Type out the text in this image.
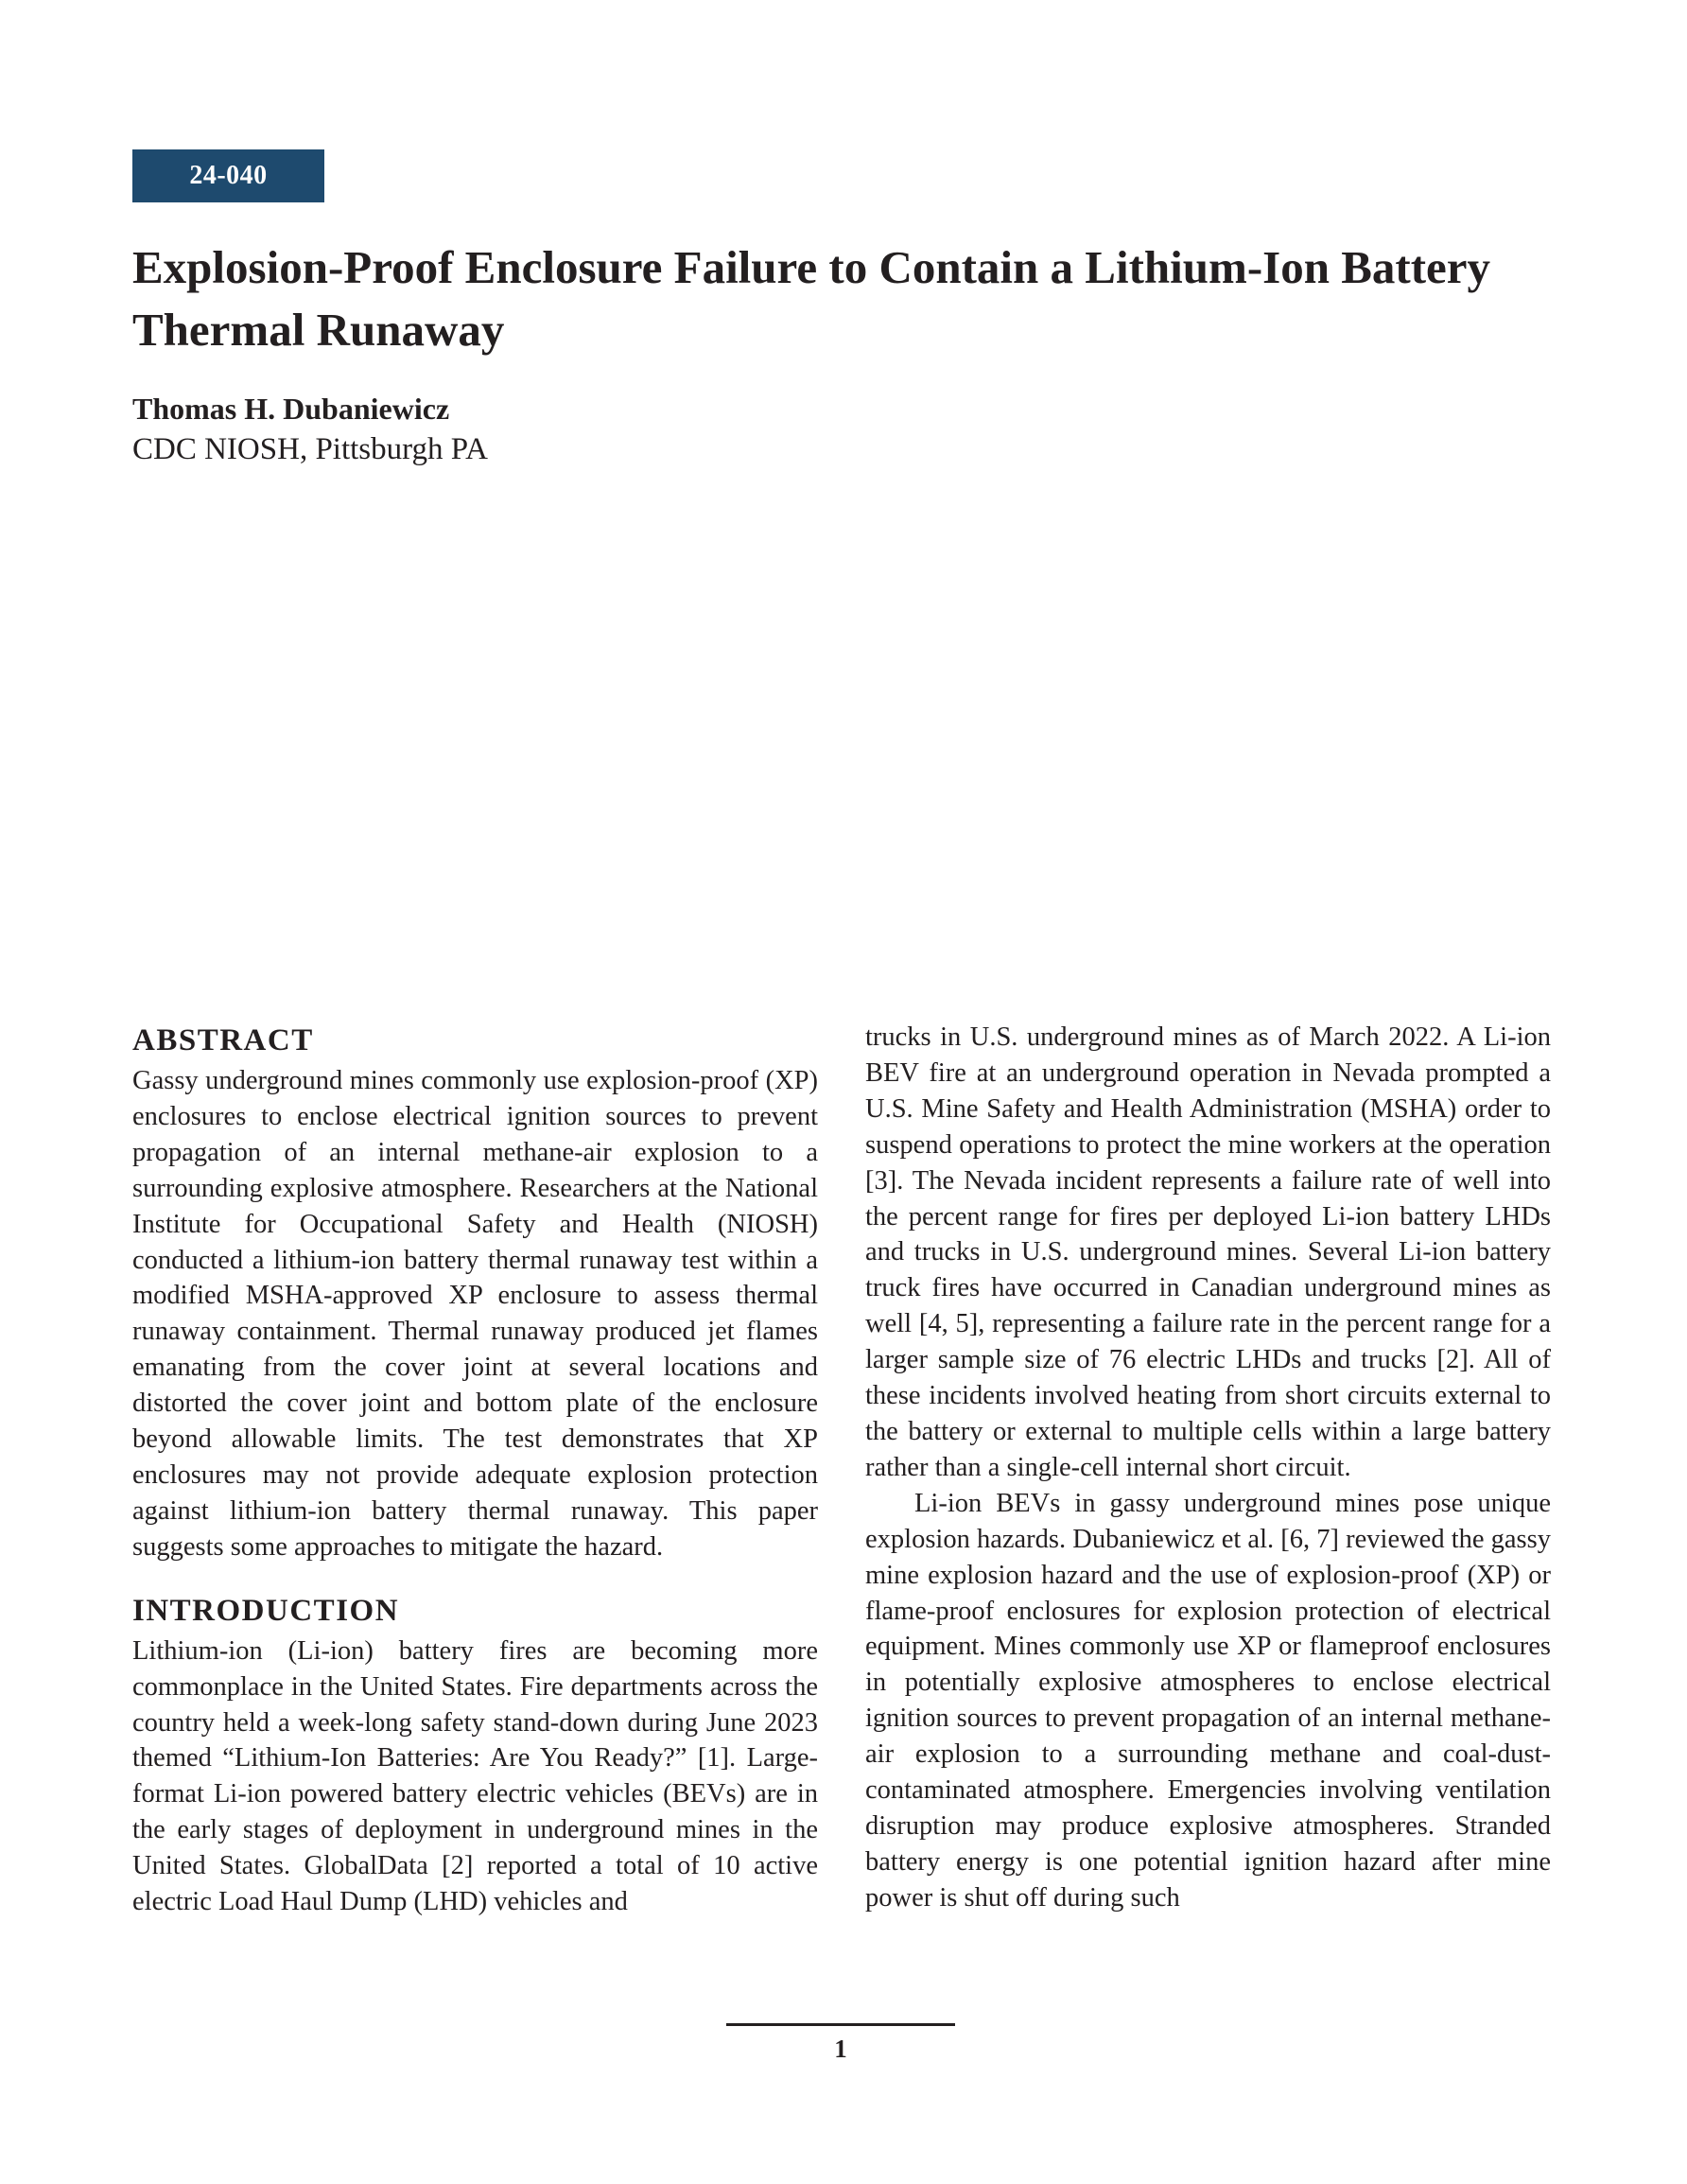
24-040
Explosion-Proof Enclosure Failure to Contain a Lithium-Ion Battery Thermal Runaway
Thomas H. Dubaniewicz
CDC NIOSH, Pittsburgh PA
ABSTRACT

Gassy underground mines commonly use explosion-proof (XP) enclosures to enclose electrical ignition sources to prevent propagation of an internal methane-air explosion to a surrounding explosive atmosphere. Researchers at the National Institute for Occupational Safety and Health (NIOSH) conducted a lithium-ion battery thermal runaway test within a modified MSHA-approved XP enclosure to assess thermal runaway containment. Thermal runaway produced jet flames emanating from the cover joint at several locations and distorted the cover joint and bottom plate of the enclosure beyond allowable limits. The test demonstrates that XP enclosures may not provide adequate explosion protection against lithium-ion battery thermal runaway. This paper suggests some approaches to mitigate the hazard.

INTRODUCTION

Lithium-ion (Li-ion) battery fires are becoming more commonplace in the United States. Fire departments across the country held a week-long safety stand-down during June 2023 themed “Lithium-Ion Batteries: Are You Ready?” [1]. Large-format Li-ion powered battery electric vehicles (BEVs) are in the early stages of deployment in underground mines in the United States. GlobalData [2] reported a total of 10 active electric Load Haul Dump (LHD) vehicles and

trucks in U.S. underground mines as of March 2022. A Li-ion BEV fire at an underground operation in Nevada prompted a U.S. Mine Safety and Health Administration (MSHA) order to suspend operations to protect the mine workers at the operation [3]. The Nevada incident represents a failure rate of well into the percent range for fires per deployed Li-ion battery LHDs and trucks in U.S. underground mines. Several Li-ion battery truck fires have occurred in Canadian underground mines as well [4, 5], representing a failure rate in the percent range for a larger sample size of 76 electric LHDs and trucks [2]. All of these incidents involved heating from short circuits external to the battery or external to multiple cells within a large battery rather than a single-cell internal short circuit.

Li-ion BEVs in gassy underground mines pose unique explosion hazards. Dubaniewicz et al. [6, 7] reviewed the gassy mine explosion hazard and the use of explosion-proof (XP) or flame-proof enclosures for explosion protection of electrical equipment. Mines commonly use XP or flameproof enclosures in potentially explosive atmospheres to enclose electrical ignition sources to prevent propagation of an internal methane-air explosion to a surrounding methane and coal-dust-contaminated atmosphere. Emergencies involving ventilation disruption may produce explosive atmospheres. Stranded battery energy is one potential ignition hazard after mine power is shut off during such

1
